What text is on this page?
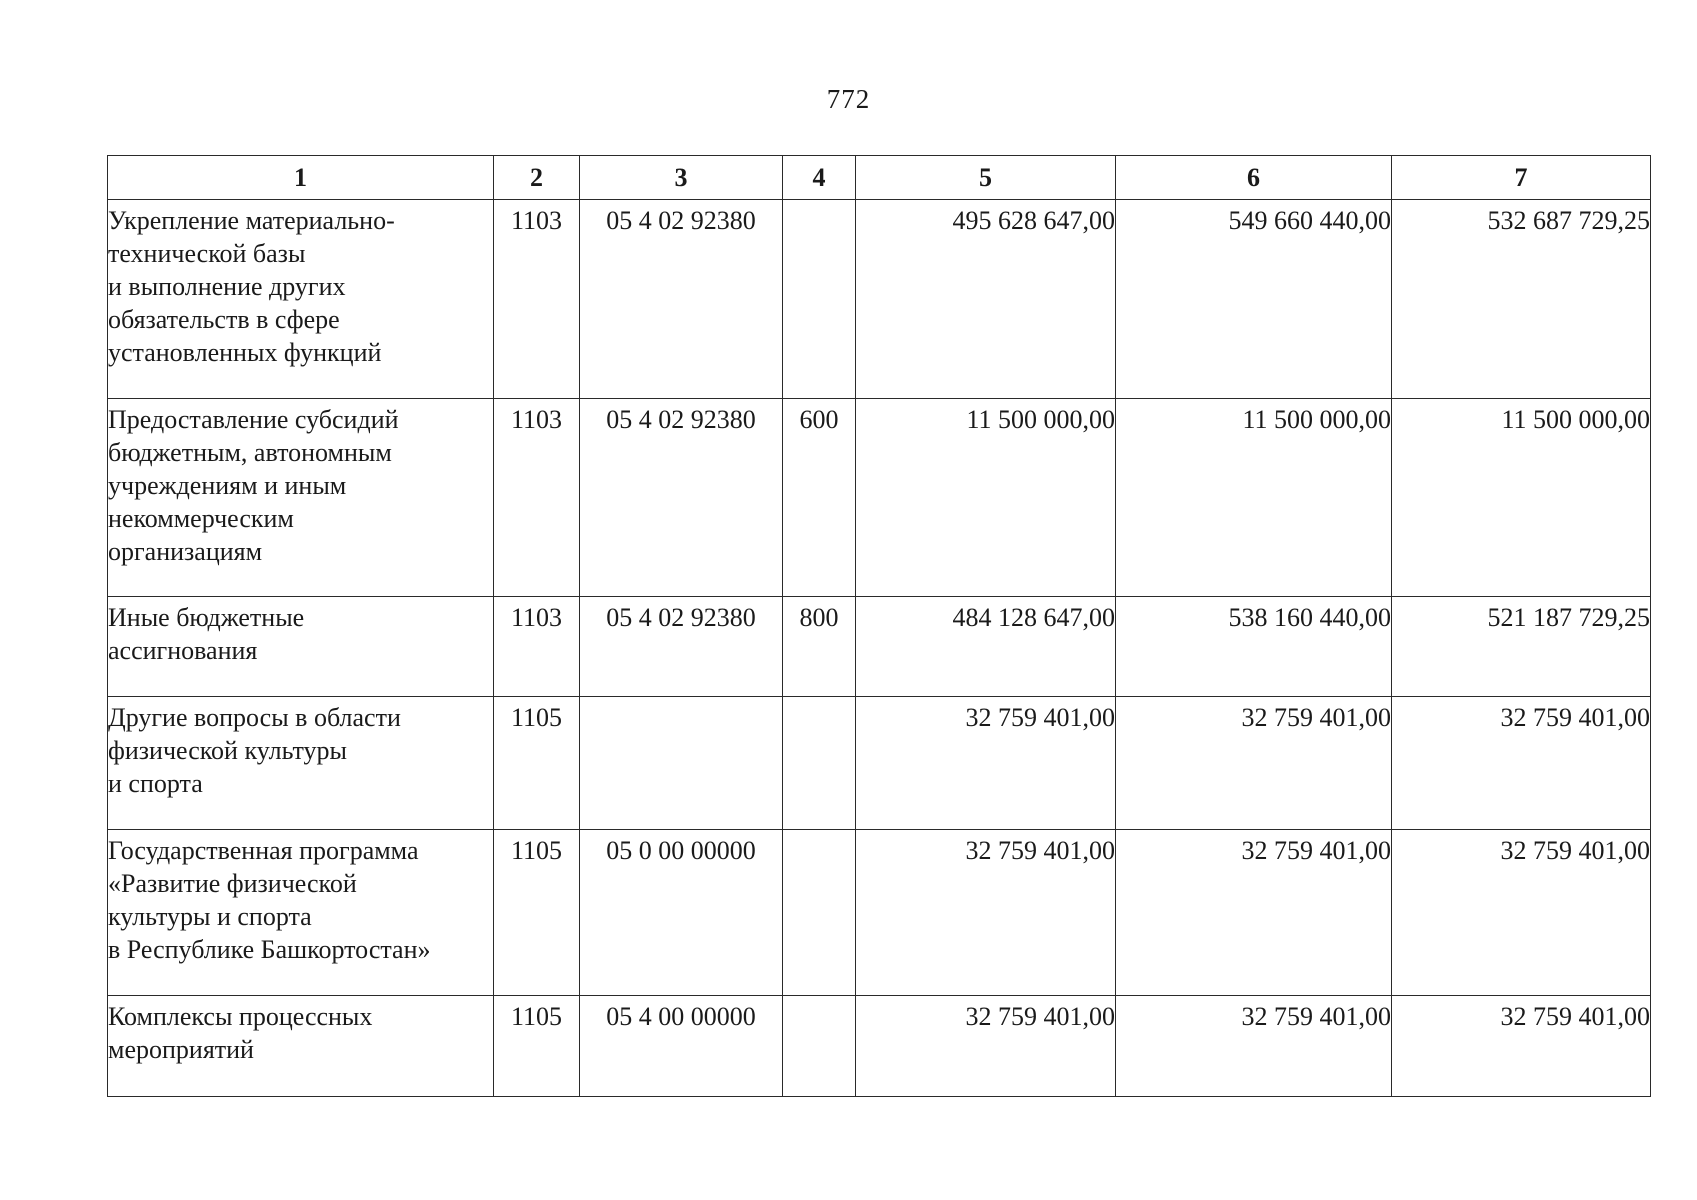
772
1	2	3	4	5	6	7
Укрепление материально-
технической базы
и выполнение других
обязательств в сфере
установленных функций	1103	05 4 02 92380		495 628 647,00	549 660 440,00	532 687 729,25
Предоставление субсидий
бюджетным, автономным
учреждениям и иным
некоммерческим
организациям	1103	05 4 02 92380	600	11 500 000,00	11 500 000,00	11 500 000,00
Иные бюджетные
ассигнования	1103	05 4 02 92380	800	484 128 647,00	538 160 440,00	521 187 729,25
Другие вопросы в области
физической культуры
и спорта	1105			32 759 401,00	32 759 401,00	32 759 401,00
Государственная программа
«Развитие физической
культуры и спорта
в Республике Башкортостан»	1105	05 0 00 00000		32 759 401,00	32 759 401,00	32 759 401,00
Комплексы процессных
мероприятий	1105	05 4 00 00000		32 759 401,00	32 759 401,00	32 759 401,00
